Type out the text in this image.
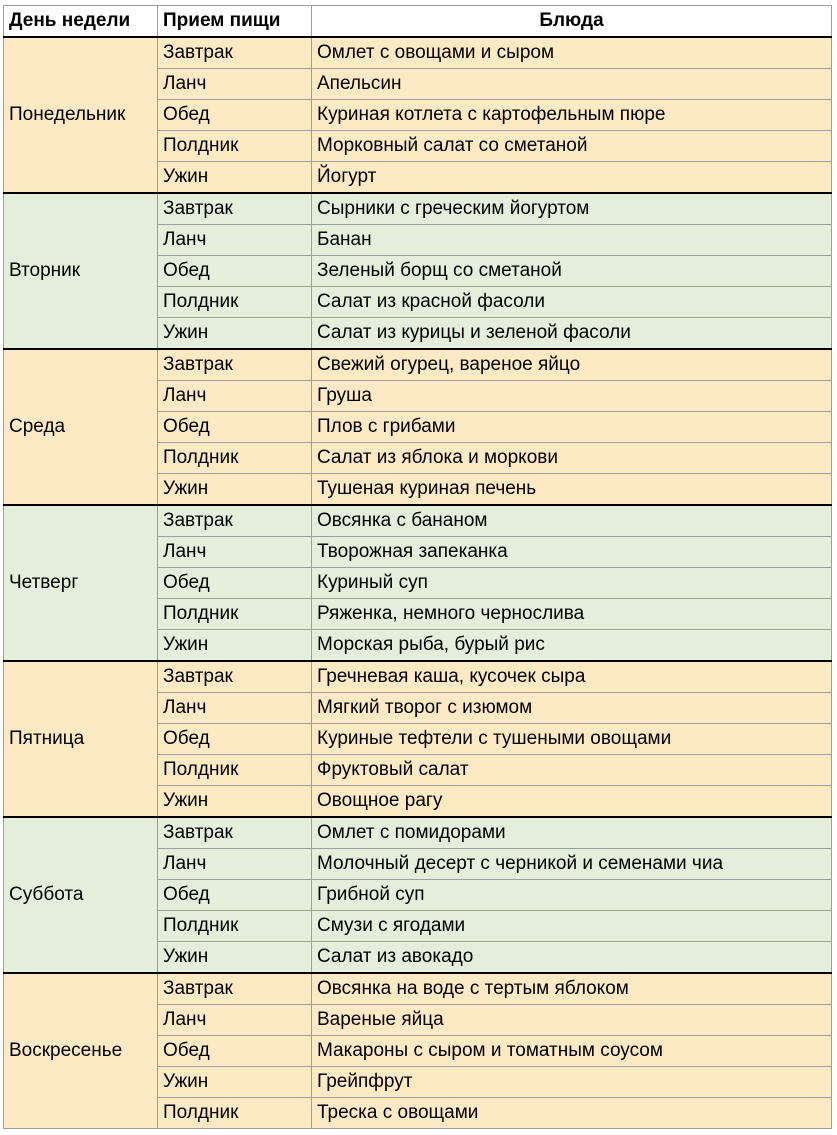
День недели	Прием пищи	Блюда
Понедельник	Завтрак	Омлет с овощами и сыром
	Ланч	Апельсин
	Обед	Куриная котлета с картофельным пюре
	Полдник	Морковный салат со сметаной
	Ужин	Йогурт
Вторник	Завтрак	Сырники с греческим йогуртом
	Ланч	Банан
	Обед	Зеленый борщ со сметаной
	Полдник	Салат из красной фасоли
	Ужин	Салат из курицы и зеленой фасоли
Среда	Завтрак	Свежий огурец, вареное яйцо
	Ланч	Груша
	Обед	Плов с грибами
	Полдник	Салат из яблока и моркови
	Ужин	Тушеная куриная печень
Четверг	Завтрак	Овсянка с бананом
	Ланч	Творожная запеканка
	Обед	Куриный суп
	Полдник	Ряженка, немного чернослива
	Ужин	Морская рыба, бурый рис
Пятница	Завтрак	Гречневая каша, кусочек сыра
	Ланч	Мягкий творог с изюмом
	Обед	Куриные тефтели с тушеными овощами
	Полдник	Фруктовый салат
	Ужин	Овощное рагу
Суббота	Завтрак	Омлет с помидорами
	Ланч	Молочный десерт с черникой и семенами чиа
	Обед	Грибной суп
	Полдник	Смузи с ягодами
	Ужин	Салат из авокадо
Воскресенье	Завтрак	Овсянка на воде с тертым яблоком
	Ланч	Вареные яйца
	Обед	Макароны с сыром и томатным соусом
	Ужин	Грейпфрут
	Полдник	Треска с овощами
